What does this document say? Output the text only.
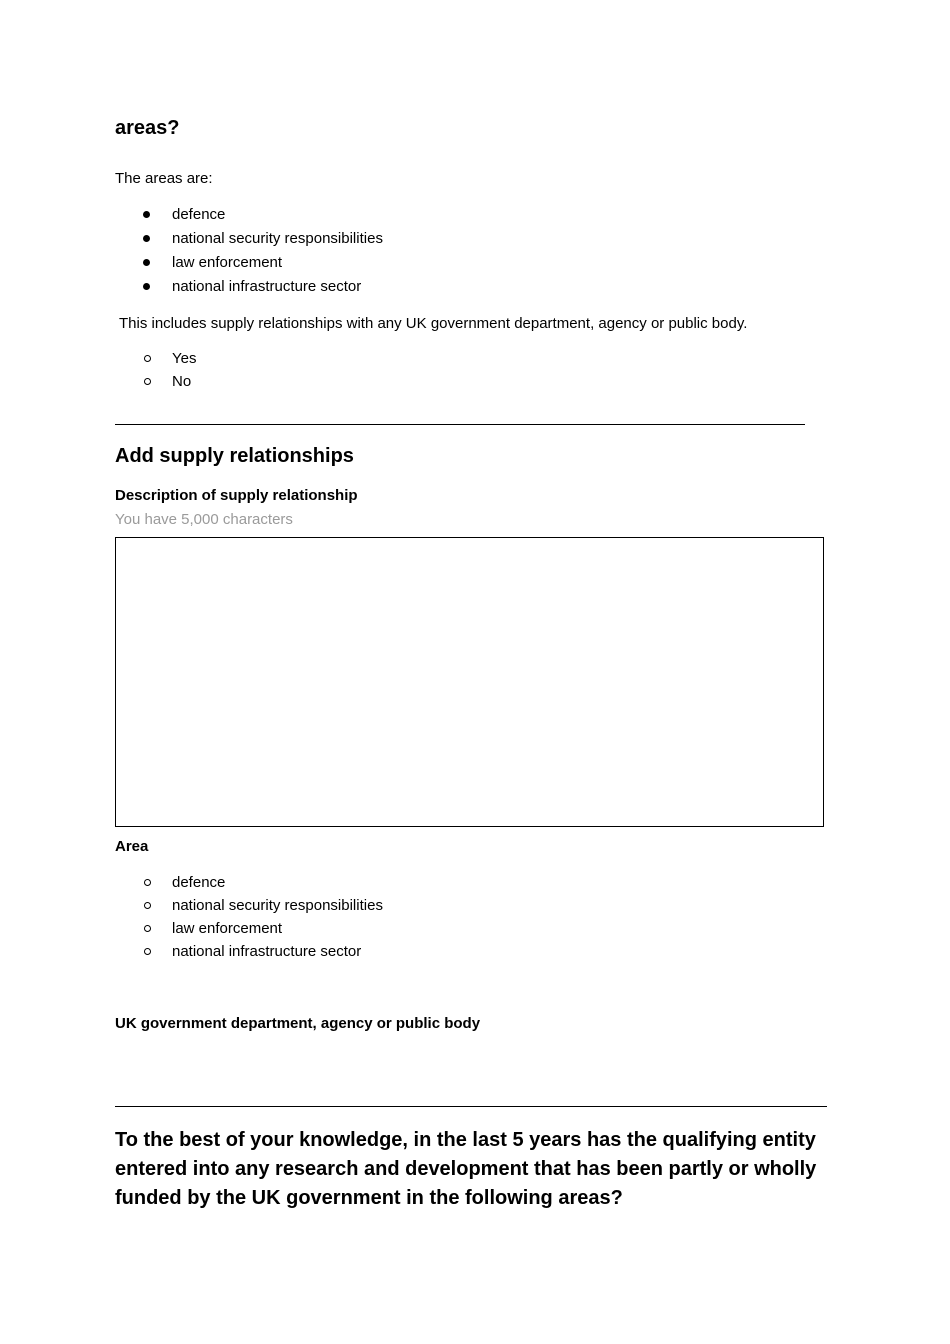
areas?
The areas are:
defence
national security responsibilities
law enforcement
national infrastructure sector
This includes supply relationships with any UK government department, agency or public body.
Yes
No
Add supply relationships
Description of supply relationship
You have 5,000 characters
Area
defence
national security responsibilities
law enforcement
national infrastructure sector
UK government department, agency or public body
To the best of your knowledge, in the last 5 years has the qualifying entity entered into any research and development that has been partly or wholly funded by the UK government in the following areas?
